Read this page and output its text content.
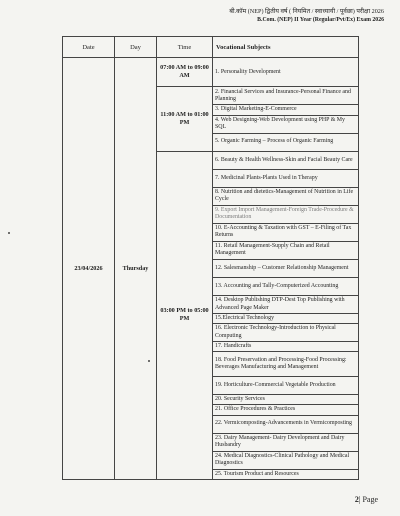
बी.कॉम (NEP) द्वितीय वर्ष ( नियमित / स्वाध्यायी / पूर्वछा) परीक्षा 2026
B.Com. (NEP) II Year (Regular/Pvt/Ex) Exam 2026
Date	Day	Time	Vocational Subjects
23/04/2026	Thursday	07:00 AM to 09:00 AM	1. Personality Development
		11:00 AM to 01:00 PM	2. Financial Services and Insurance-Personal Finance and Planning
			3. Digital Marketing-E-Commerce
			4. Web Designing-Web Development using PHP & My SQL
			5. Organic Farming – Process of Organic Farming
		03:00 PM to 05:00 PM	6. Beauty & Health Wellness-Skin and Facial Beauty Care
			7. Medicinal Plants-Plants Used in Therapy
			8. Nutrition and dietetics-Management of Nutrition in Life Cycle
			9. Export Import Management-Foreign Trade-Procedure & Documentation
			10. E-Accounting & Taxation with GST – E-Filing of Tax Returns
			11. Retail Management-Supply Chain and Retail Management
			12. Salesmanship – Customer Relationship Management
			13. Accounting and Tally-Computerized Accounting
			14. Desktop Publishing DTP-Dest Top Publishing with Advanced Page Maker
			15.Electrical Technology
			16. Electronic Technology-Introduction to Physical Computing
			17. Handicrafts
			18. Food Preservation and Processing-Food Processing: Beverages Manufacturing and Management
			19. Horticulture-Commercial Vegetable Production
			20. Security Services
			21. Office Procedures & Practices
			22. Vermicomposting-Advancements in Vermicomposting
			23. Dairy Management- Dairy Development and Dairy Husbandry
			24. Medical Diagnostics-Clinical Pathology and Medical Diagnostics
			25. Tourism Product and Resources
2| Page
